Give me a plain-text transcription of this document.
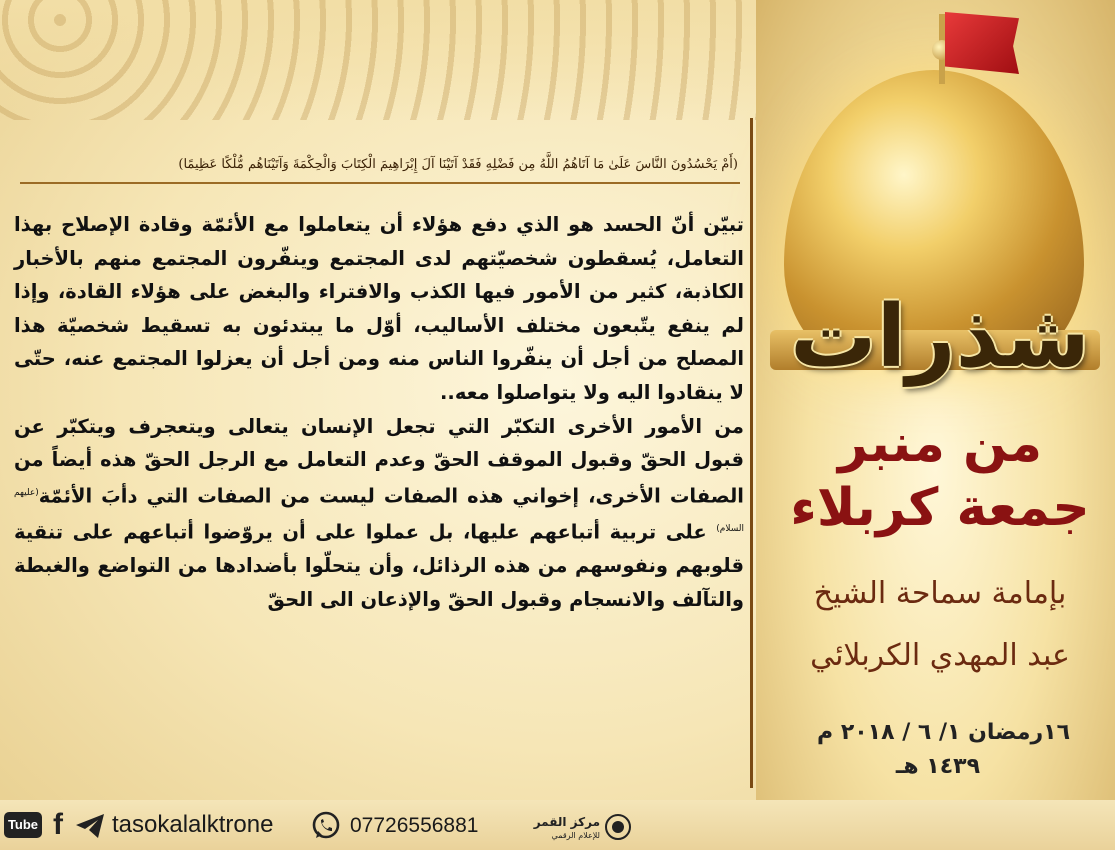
(أَمْ يَحْسُدُونَ النَّاسَ عَلَىٰ مَا آتَاهُمُ اللَّهُ مِن فَضْلِهِ فَقَدْ آتَيْنَا آلَ إِبْرَاهِيمَ الْكِتَابَ وَالْحِكْمَةَ وَآتَيْنَاهُم مُّلْكًا عَظِيمًا)

تبيّن أنّ الحسد هو الذي دفع هؤلاء أن يتعاملوا مع الأئمّة وقادة الإصلاح بهذا التعامل، يُسقطون شخصيّتهم لدى المجتمع وينفّرون المجتمع منهم بالأخبار الكاذبة، كثير من الأمور فيها الكذب والافتراء والبغض على هؤلاء القادة، وإذا لم ينفع يتّبعون مختلف الأساليب، أوّل ما يبتدئون به تسقيط شخصيّة هذا المصلح من أجل أن ينفّروا الناس منه ومن أجل أن يعزلوا المجتمع عنه، حتّى لا ينقادوا اليه ولا يتواصلوا معه..

من الأمور الأخرى التكبّر التي تجعل الإنسان يتعالى ويتعجرف ويتكبّر عن قبول الحقّ وقبول الموقف الحقّ وعدم التعامل مع الرجل الحقّ هذه أيضاً من الصفات الأخرى، إخواني هذه الصفات ليست من الصفات التي دأبَ الأئمّة$^{(عليهم السلام)}$ على تربية أتباعهم عليها، بل عملوا على أن يروّضوا أتباعهم على تنقية قلوبهم ونفوسهم من هذه الرذائل، وأن يتحلّوا بأضدادها من التواضع والغبطة والتآلف والانسجام وقبول الحقّ والإذعان الى الحقّ

شذرات
من منبر
جمعة كربلاء
بإمامة سماحة الشيخ
عبد المهدي الكربلائي
١٦رمضان ١/ ٦ / ٢٠١٨ م
١٤٣٩ هـ
Tube f tasokalalktrone	07726556881	مركز القمر
للإعلام الرقمي
